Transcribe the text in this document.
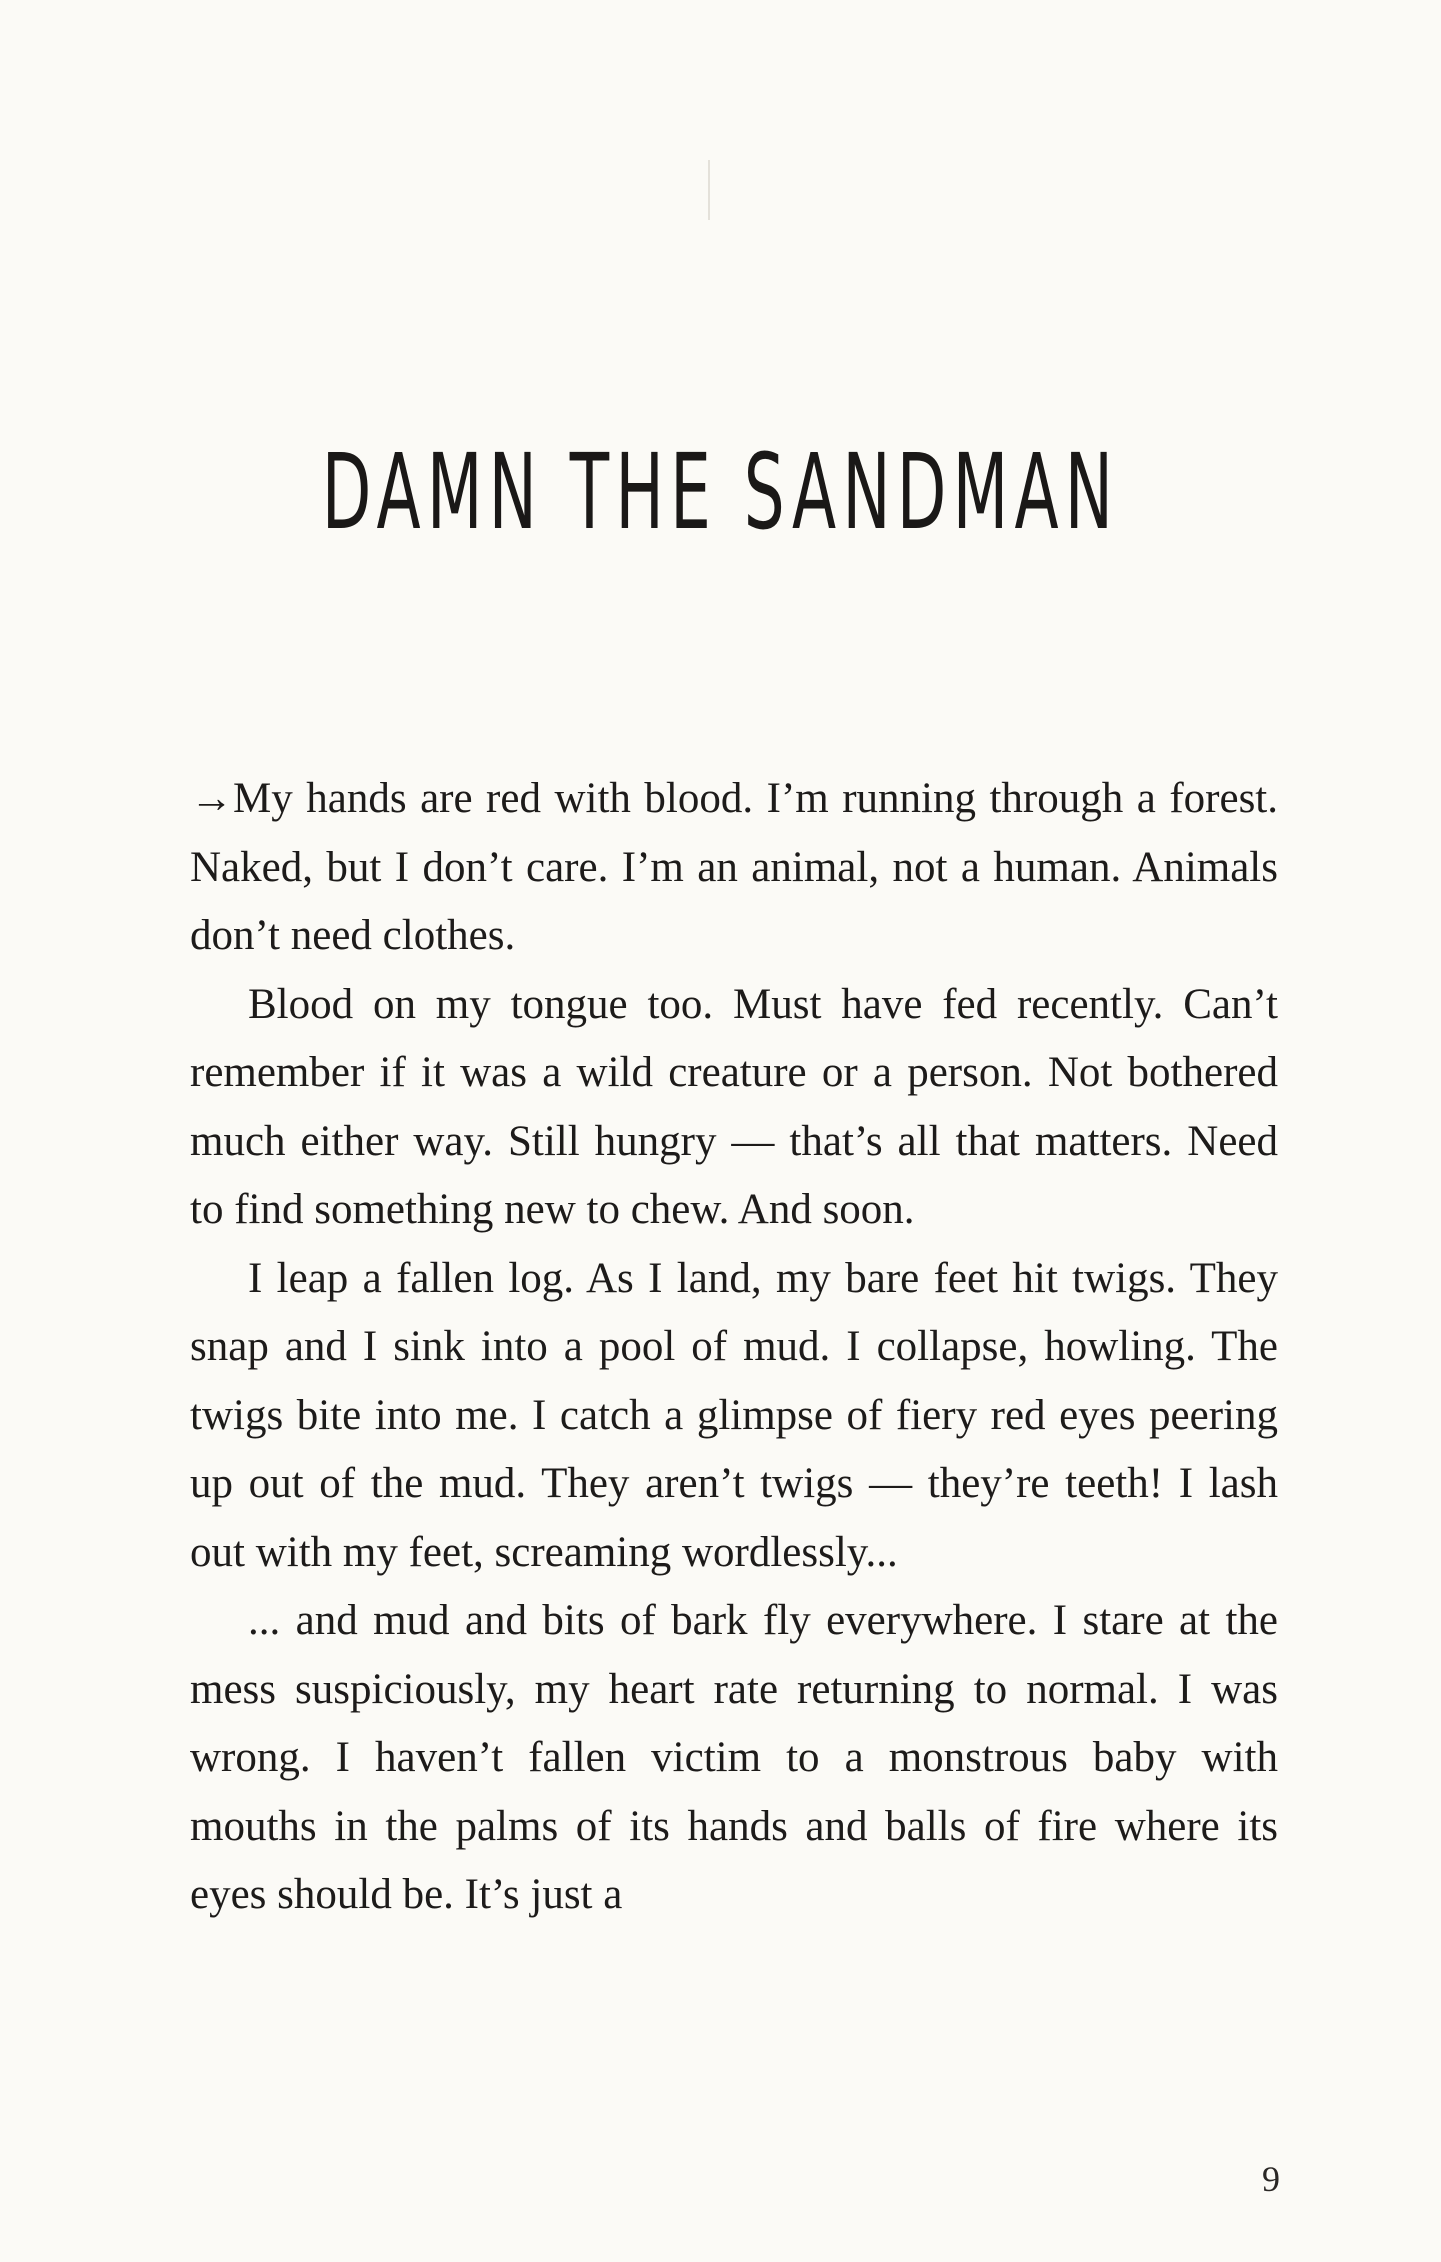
DAMN THE SANDMAN

→My hands are red with blood. I’m running through a forest. Naked, but I don’t care. I’m an animal, not a human. Animals don’t need clothes.

Blood on my tongue too. Must have fed recently. Can’t remember if it was a wild creature or a person. Not bothered much either way. Still hungry — that’s all that matters. Need to find something new to chew. And soon.

I leap a fallen log. As I land, my bare feet hit twigs. They snap and I sink into a pool of mud. I collapse, howling. The twigs bite into me. I catch a glimpse of fiery red eyes peering up out of the mud. They aren’t twigs — they’re teeth! I lash out with my feet, screaming wordlessly...

... and mud and bits of bark fly everywhere. I stare at the mess suspiciously, my heart rate returning to normal. I was wrong. I haven’t fallen victim to a monstrous baby with mouths in the palms of its hands and balls of fire where its eyes should be. It’s just a

9
